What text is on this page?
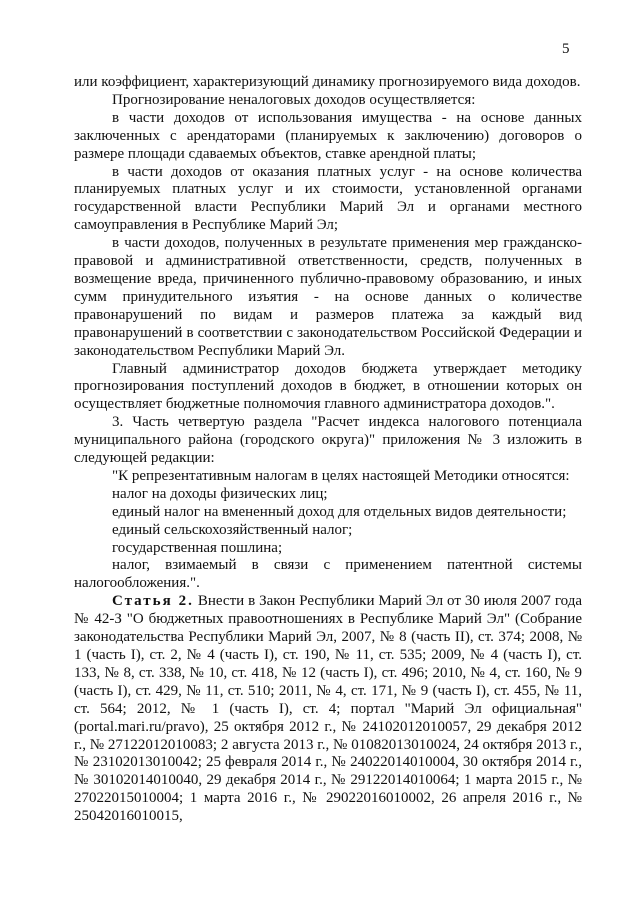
5

или коэффициент, характеризующий динамику прогнозируемого вида доходов.

Прогнозирование неналоговых доходов осуществляется:

в части доходов от использования имущества - на основе данных заключенных с арендаторами (планируемых к заключению) договоров о размере площади сдаваемых объектов, ставке арендной платы;

в части доходов от оказания платных услуг - на основе количества планируемых платных услуг и их стоимости, установленной органами государственной власти Республики Марий Эл и органами местного самоуправления в Республике Марий Эл;

в части доходов, полученных в результате применения мер гражданско-правовой и административной ответственности, средств, полученных в возмещение вреда, причиненного публично-правовому образованию, и иных сумм принудительного изъятия - на основе данных о количестве правонарушений по видам и размеров платежа за каждый вид правонарушений в соответствии с законодательством Российской Федерации и законодательством Республики Марий Эл.

Главный администратор доходов бюджета утверждает методику прогнозирования поступлений доходов в бюджет, в отношении которых он осуществляет бюджетные полномочия главного администратора доходов.".

3. Часть четвертую раздела "Расчет индекса налогового потенциала муниципального района (городского округа)" приложения № 3 изложить в следующей редакции:

"К репрезентативным налогам в целях настоящей Методики относятся:

налог на доходы физических лиц;

единый налог на вмененный доход для отдельных видов деятельности;

единый сельскохозяйственный налог;

государственная пошлина;

налог, взимаемый в связи с применением патентной системы налогообложения.".

Статья 2. Внести в Закон Республики Марий Эл от 30 июля 2007 года № 42-З "О бюджетных правоотношениях в Республике Марий Эл" (Собрание законодательства Республики Марий Эл, 2007, № 8 (часть II), ст. 374; 2008, № 1 (часть I), ст. 2, № 4 (часть I), ст. 190, № 11, ст. 535; 2009, № 4 (часть I), ст. 133, № 8, ст. 338, № 10, ст. 418, № 12 (часть I), ст. 496; 2010, № 4, ст. 160, № 9 (часть I), ст. 429, № 11, ст. 510; 2011, № 4, ст. 171, № 9 (часть I), ст. 455, № 11, ст. 564; 2012, № 1 (часть I), ст. 4; портал "Марий Эл официальная" (portal.mari.ru/pravo), 25 октября 2012 г., № 24102012010057, 29 декабря 2012 г., № 27122012010083; 2 августа 2013 г., № 01082013010024, 24 октября 2013 г., № 23102013010042; 25 февраля 2014 г., № 24022014010004, 30 октября 2014 г., № 30102014010040, 29 декабря 2014 г., № 29122014010064; 1 марта 2015 г., № 27022015010004; 1 марта 2016 г., № 29022016010002, 26 апреля 2016 г., № 25042016010015,
